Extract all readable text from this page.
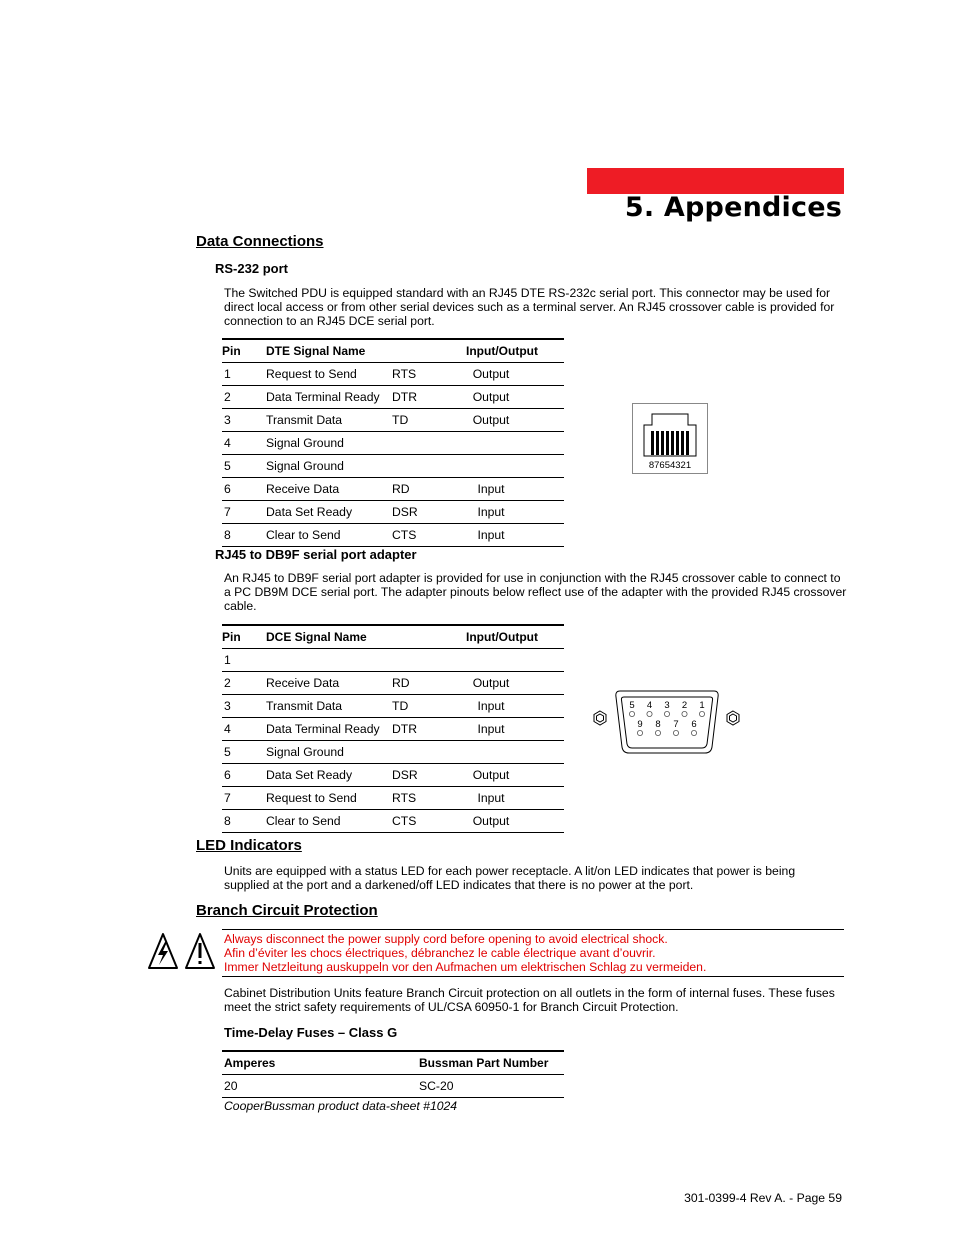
5. Appendices
Data Connections
RS-232 port
The Switched PDU is equipped standard with an RJ45 DTE RS-232c serial port. This connector may be used for direct local access or from other serial devices such as a terminal server. An RJ45 crossover cable is provided for connection to an RJ45 DCE serial port.
Pin	DTE Signal Name		Input/Output
1	Request to Send	RTS	Output
2	Data Terminal Ready	DTR	Output
3	Transmit Data	TD	Output
4	Signal Ground		
5	Signal Ground		
6	Receive Data	RD	Input
7	Data Set Ready	DSR	Input
8	Clear to Send	CTS	Input
87654321
RJ45 to DB9F serial port adapter
An RJ45 to DB9F serial port adapter is provided for use in conjunction with the RJ45 crossover cable to connect to a PC DB9M DCE serial port. The adapter pinouts below reflect use of the adapter with the provided RJ45 crossover cable.
Pin	DCE Signal Name		Input/Output
1			
2	Receive Data	RD	Output
3	Transmit Data	TD	Input
4	Data Terminal Ready	DTR	Input
5	Signal Ground		
6	Data Set Ready	DSR	Output
7	Request to Send	RTS	Input
8	Clear to Send	CTS	Output
5 4 3 2 1
9 8 7 6
LED Indicators
Units are equipped with a status LED for each power receptacle. A lit/on LED indicates that power is being supplied at the port and a darkened/off LED indicates that there is no power at the port.
Branch Circuit Protection
Always disconnect the power supply cord before opening to avoid electrical shock.
Afin d’éviter les chocs électriques, débranchez le cable électrique avant d’ouvrir.
Immer Netzleitung auskuppeln vor den Aufmachen um elektrischen Schlag zu vermeiden.
Cabinet Distribution Units feature Branch Circuit protection on all outlets in the form of internal fuses. These fuses meet the strict safety requirements of UL/CSA 60950-1 for Branch Circuit Protection.
Time-Delay Fuses – Class G
Amperes	Bussman Part Number
20	SC-20
CooperBussman product data-sheet #1024
301-0399-4 Rev A. - Page 59
